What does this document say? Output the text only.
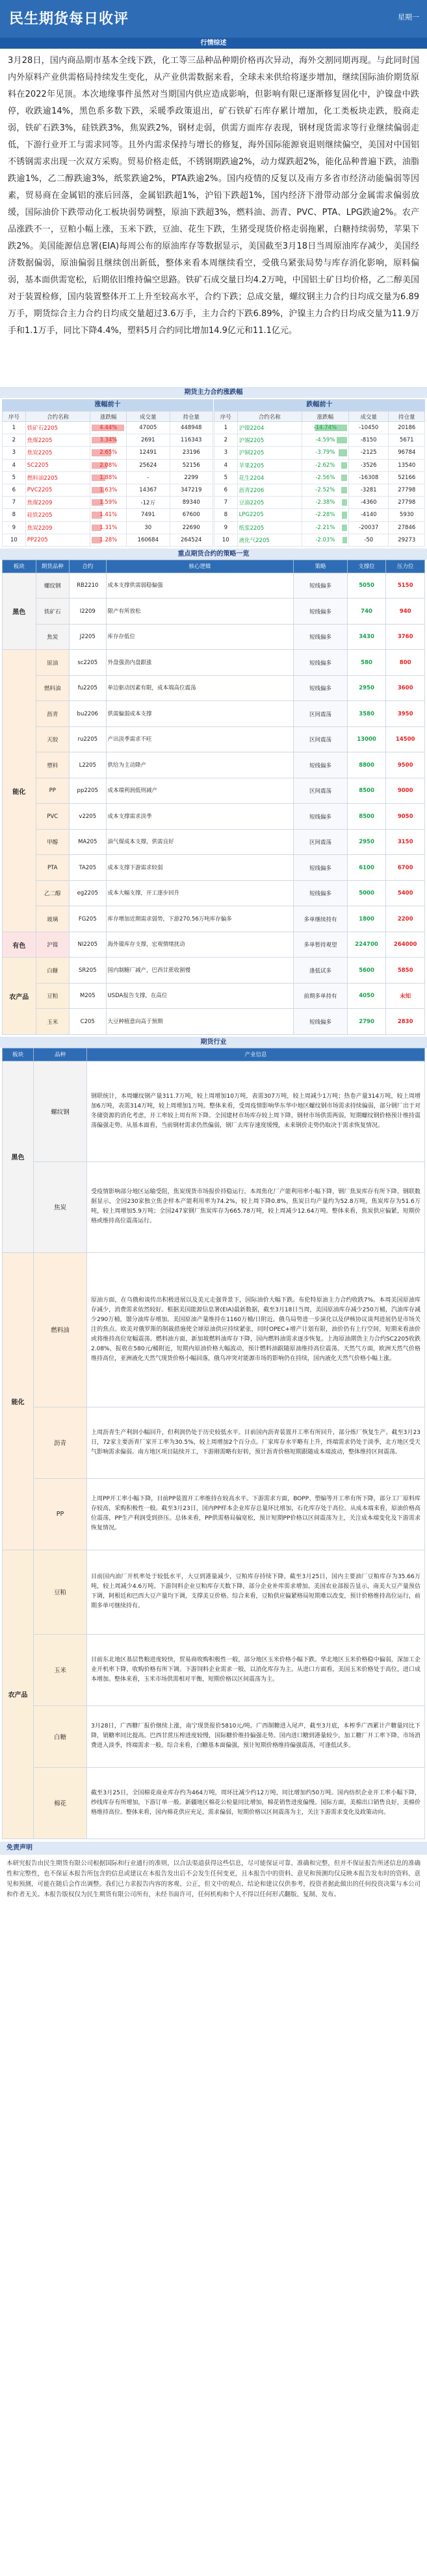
民生期货每日收评	星期一
行情综述
3月28日，国内商品期市基本全线下跌，化工等三品种品种期价格再次异动，海外交割同期再现。与此同时国内外原料产业供需格局持续发生变化，从产业供需数据来看，全球未来供给将逐步增加，继续国际油价期货原料在2022年见顶。本次地缘事件虽然对当期国内供应造成影响，但影响有限已逐渐修复固化中，沪镍盘中跌停，收跌逾14%，黑色系多数下跌，采暖季政策退出，矿石铁矿石库存累计增加，化工类板块走跌，股商走弱，铁矿石跌3%，硅铁跌3%，焦炭跌2%，钢材走弱，供需方面库存表现，钢材现货需求等行业继续偏弱走低，下游行业开工与需求同等。且外内需求保持与增长的修复，海外国际能源衰退则继续偏空，美国对中国铝不锈钢需求出现一次双方采购。贸易价格走低，不锈钢期跌逾2%，动力煤跌超2%，能化品种普遍下跌，油脂跌逾1%，乙二醇跌逾3%，纸浆跌逾2%，PTA跌逾2%。国内疫情的反复以及南方多省市经济动能偏弱等因素，贸易商在金属铝的涨后回落，金属铝跌超1%，沪铅下跌超1%，国内经济下滑带动部分金属需求偏弱放缓，国际油价下跌带动化工板块弱势调整，原油下跌超3%，燃料油、沥青、PVC、PTA、LPG跌逾2%。农产品涨跌不一，豆粕小幅上涨，玉米下跌，豆油、花生下跌，生猪受现货价格走弱拖累，白糖持续弱势，苹果下跌2%。美国能源信息署(EIA)每周公布的原油库存等数据显示，美国截至3月18日当周原油库存减少，美国经济数据偏弱，原油偏弱且继续创出新低，整体来看本周继续看空，受俄乌紧张局势与库存消化影响，原料偏弱，基本面供需宽松，后期依旧维持偏空思路。铁矿石成交量日均4.2万吨，中国铝土矿日均价格，乙二醇美国对于装置检修，国内装置整体开工上升至较高水平，合约下跌；总成交量，螺纹钢主力合约日均成交量为6.89万手，期货综合主力合约日均成交量超过3.6万手，主力合约下跌6.89%，沪镍主力合约日均成交量为11.9万手和1.1万手，同比下降4.4%，塑料5月合约同比增加14.9亿元和11.1亿元。
期货主力合约涨跌幅
涨幅前十
序号	合约名称	涨跌幅	成交量	持仓量
1	铁矿石2205	4.44%	47005	448948
2	焦煤2205	3.34%	2691	116343
3	焦炭2205	2.65%	12491	23196
4	SC2205	2.08%	25624	52156
5	燃料油2205	1.88%	-	2299
6	PVC2205	1.63%	14367	347219
7	焦煤2209	1.59%	-12万	89340
8	硅铁2205	1.41%	7491	67600
9	焦炭2209	1.31%	30	22690
10	PP2205	1.28%	160684	264524
跌幅前十
序号	合约名称	涨跌幅	成交量	持仓量
1	沪镍2204	-14.74%	-10450	20186
2	沪锡2205	-4.59%	-8150	5671
3	沪铜2205	-3.79%	-2125	96784
4	苹果2205	-2.62%	-3526	13540
5	花生2204	-2.56%	-16308	52166
6	沥青2206	-2.52%	-3281	27798
7	豆油2205	-2.38%	-4360	27798
8	LPG2205	-2.28%	-4140	5930
9	纸浆2205	-2.21%	-20037	27846
10	液化气2205	-2.03%	-50	29273
重点期货合约的策略一览
板块	期货品种	合约	核心逻辑	策略	支撑位	压力位
黑色	螺纹钢	RB2210	成本支撑供需弱稳偏强	短线偏多	5050	5150
	铁矿石	I2209	限产有所放松	短线偏多	740	940
	焦炭	J2205	库存存低位	短线偏多	3430	3760
能化	原油	sc2205	外盘强劲内盘跟涨	短线偏多	580	800
	燃料油	fu2205	单边驱动因素有限，成本端高位震荡	短线偏多	2950	3600
	沥青	bu2206	供需偏弱成本支撑	区间震荡	3580	3950
	天胶	ru2205	产出淡季需求不旺	区间震荡	13000	14500
	塑料	L2205	供给为主动降产	短线偏多	8800	9500
	PP	pp2205	成本端利润低则减产	区间震荡	8500	9000
	PVC	v2205	成本支撑需求淡季	短线偏多	8500	9050
	甲醇	MA205	油气煤成本支撑，供需良好	区间震荡	2950	3150
	PTA	TA205	成本支撑下游需求较弱	短线偏多	6100	6700
	乙二醇	eg2205	成本大幅支撑，开工逐步回升	短线偏多	5000	5400
	玻璃	FG205	库存增加近期需求弱势，下游270.56万吨库存偏多	多单继续持有	1800	2200
有色	沪镍	NI2205	海外镍库存支撑，宏观情绪扰动	多单暂持观望	224700	264000
农产品	白糖	SR205	国内制糖厂减产，巴西甘蔗收割慢	逢低试多	5600	5850
	豆粕	M205	USDA报告支撑，在高位	前期多单持有	4050	未知
	玉米	C205	大豆种植意向高于预期	短线偏多	2790	2830
期货行业
板块	品种	产业信息
黑色	螺纹钢	钢联统计，本周螺纹钢产量311.7万吨，较上周增加10万吨，表需307万吨，较上周减少1万吨；热卷产量314万吨，较上周增加6万吨，表需314万吨，较上周增加1万吨。整体来看，受周疫情影响华东华中地区螺纹钢市场需求持续偏弱，部分钢厂出于对冬储资源的消化考虑，开工率较上周有所下降。全国建材市场库存较上周下降，钢材市场供需两弱，短期螺纹钢价格预计维持震荡偏强走势。从基本面看，当前钢材需求仍然偏弱，钢厂去库存速度缓慢，未来钢价走势仍取决于需求恢复情况。
	焦炭	受疫情影响部分地区运输受阻，焦炭现货市场报价持稳运行。本周焦化厂产能利用率小幅下降，钢厂焦炭库存有所下降。钢联数据显示，全国230家独立焦企样本产能利用率为74.2%，较上周下降0.8%，焦炭日均产量约为52.8万吨，焦炭库存为51.6万吨，较上周增加5.9万吨；全国247家钢厂焦炭库存为665.78万吨，较上周减少12.64万吨。整体来看，焦炭供应偏紧，短期价格或维持高位震荡运行。
能化	燃料油	原油方面，在乌俄和谈传出积极进展以及美元走强背景下，国际油价大幅下跌。布伦特原油主力合约收跌7%。本周美国原油库存减少，消费需求依然较好。根据美国能源信息署(EIA)最新数据，截至3月18日当周，美国原油库存减少250万桶，汽油库存减少290万桶，馏分油库存增加。美国原油产量维持在1160万桶/日附近。俄乌局势进一步演化以及伊核协议谈判进展仍是市场关注的焦点。欧美对俄罗斯的制裁措施使全球原油供应持续紧张，同时OPEC+增产计划有限，油价仍有上行空间，短期来看油价或将维持高位宽幅震荡。燃料油方面，新加坡燃料油库存下降，国内燃料油需求逐步恢复。上海原油期货主力合约SC2205收跌2.08%，报收在580元/桶附近，短期内原油价格大幅波动，预计燃料油跟随原油维持高位震荡。天然气方面，欧洲天然气价格维持高位，亚洲液化天然气现货价格小幅回落，俄乌冲突对能源市场的影响仍在持续，国内液化天然气价格小幅上涨。
	沥青	上周沥青生产利润小幅回升，但利润仍处于历史较低水平。目前国内沥青装置开工率有所回升，部分炼厂恢复生产。截至3月23日，72家主要沥青厂家开工率为30.5%，较上周增加2个百分点。厂家库存水平略有上升，终端需求仍处于淡季，北方地区受天气影响需求偏弱。南方地区项目陆续开工，下游刚需略有好转，预计沥青价格短期跟随成本端波动，整体维持区间震荡。
	PP	上周PP开工率小幅下降，目前PP装置开工率维持在较高水平。下游需求方面，BOPP、塑编等开工率有所下降，部分工厂原料库存较高，采购积极性一般。截至3月23日，国内PP样本企业库存总量环比增加，石化库存处于高位。从成本端来看，原油价格高位震荡，PP生产利润受到挤压。总体来看，PP供需格局偏宽松，预计短期PP价格以区间震荡为主，关注成本端变化及下游需求恢复情况。
农产品	豆粕	目前国内油厂开机率处于较低水平，大豆到港量减少，豆粕库存持续下降。截至3月25日，国内主要油厂豆粕库存为35.66万吨，较上周减少4.6万吨。下游饲料企业豆粕库存天数下降，部分企业补库需求增加。美国农业部报告显示，南美大豆产量预估下调，阿根廷和巴西大豆产量均下调，支撑美豆价格。综合来看，豆粕供应偏紧格局短期难以改变，预计价格维持高位运行，前期多单可继续持有。
	玉米	目前东北地区基层售粮进度较快，贸易商收购积极性一般，部分地区玉米价格小幅下跌。华北地区玉米价格稳中偏弱，深加工企业开机率下降，收购价格有所下调。下游饲料企业需求一般，以消化库存为主。从进口方面看，美国玉米价格处于高位，进口成本增加。整体来看，玉米市场供需相对平衡，短期价格以区间震荡为主。
	白糖	3月28日，广西糖厂报价继续上涨，南宁现货报价5810元/吨。广西制糖进入尾声，截至3月底，本榨季广西累计产糖量同比下降，销糖率同比提高。巴西甘蔗压榨进度较慢，国际糖价维持偏强走势。国内进口糖到港量较少，加工糖厂开工率下降。市场消费进入淡季，终端需求一般。综合来看，白糖基本面偏强，预计短期价格维持偏强震荡，可逢低试多。
	棉花	截至3月25日，全国棉花商业库存约为464万吨，周环比减少约12万吨，同比增加约50万吨。国内纺织企业开工率小幅下降，纱线库存有所增加，下游订单一般。新疆地区棉花公检量同比增加，棉花销售进度偏慢。国际方面，美棉出口销售良好，美棉价格维持高位。整体来看，国内棉花供应充足，需求偏弱，短期价格以区间震荡为主，关注下游需求变化及政策动向。
免责声明
本研究报告由民生期货有限公司根据国际和行业通行的准则，以合法渠道获得这些信息，尽可能保证可靠、准确和完整，但并不保证报告所述信息的准确性和完整性，也不保证本报告所包含的信息或建议在本报告发出后不会发生任何变更，且本报告中的资料、意见和预测均仅反映本报告发布时的资料、意见和预测，可能在随后会作出调整。我们已力求报告内容的客观、公正，但文中的观点、结论和建议仅供参考，投资者据此做出的任何投资决策与本公司和作者无关。本报告版权仅为民生期货有限公司所有，未经书面许可，任何机构和个人不得以任何形式翻版、复制、发布。
